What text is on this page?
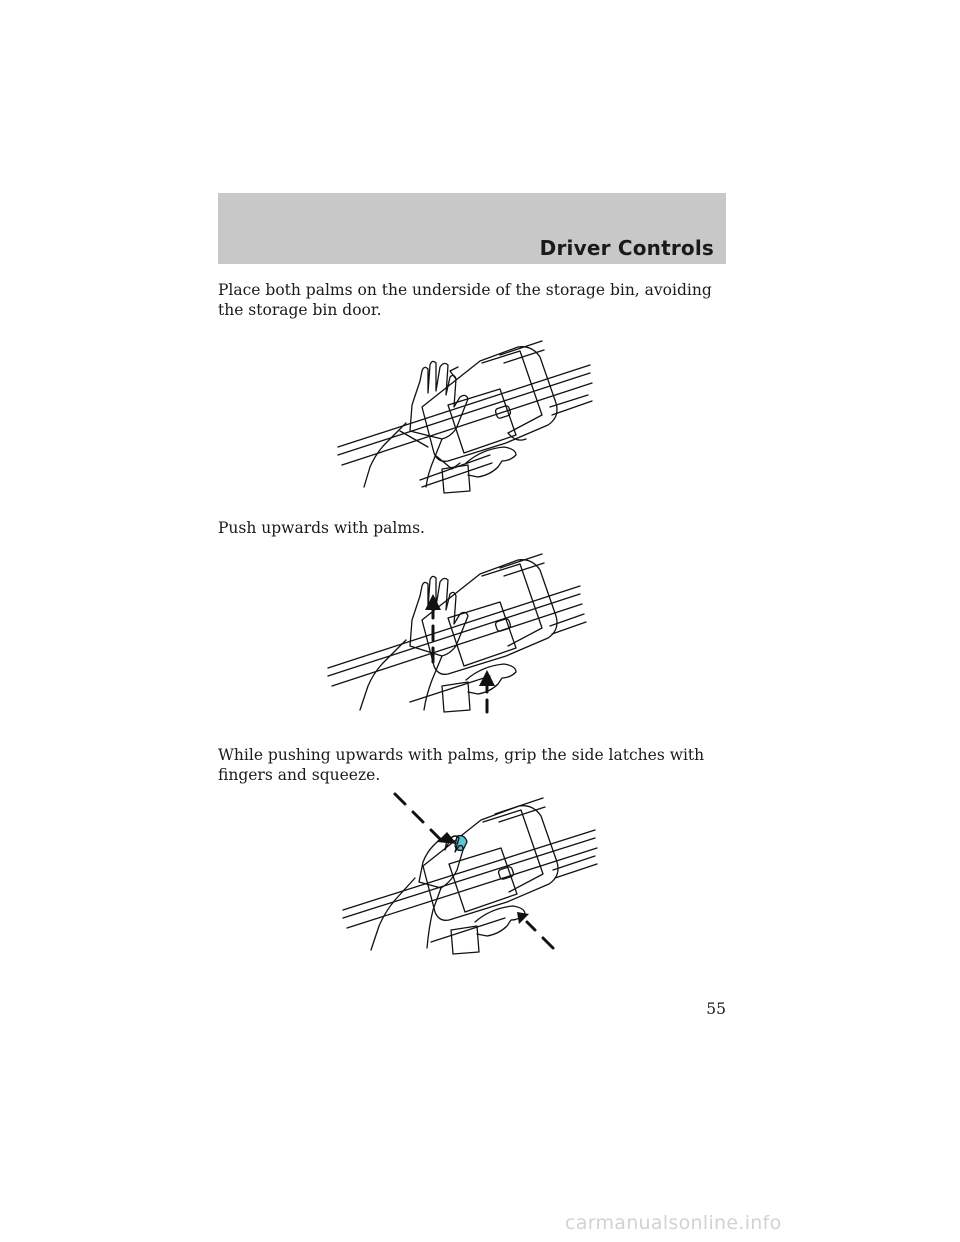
Driver Controls
Place both palms on the underside of the storage bin, avoiding the storage bin door.
Push upwards with palms.
While pushing upwards with palms, grip the side latches with fingers and squeeze.
55
carmanualsonline.info
